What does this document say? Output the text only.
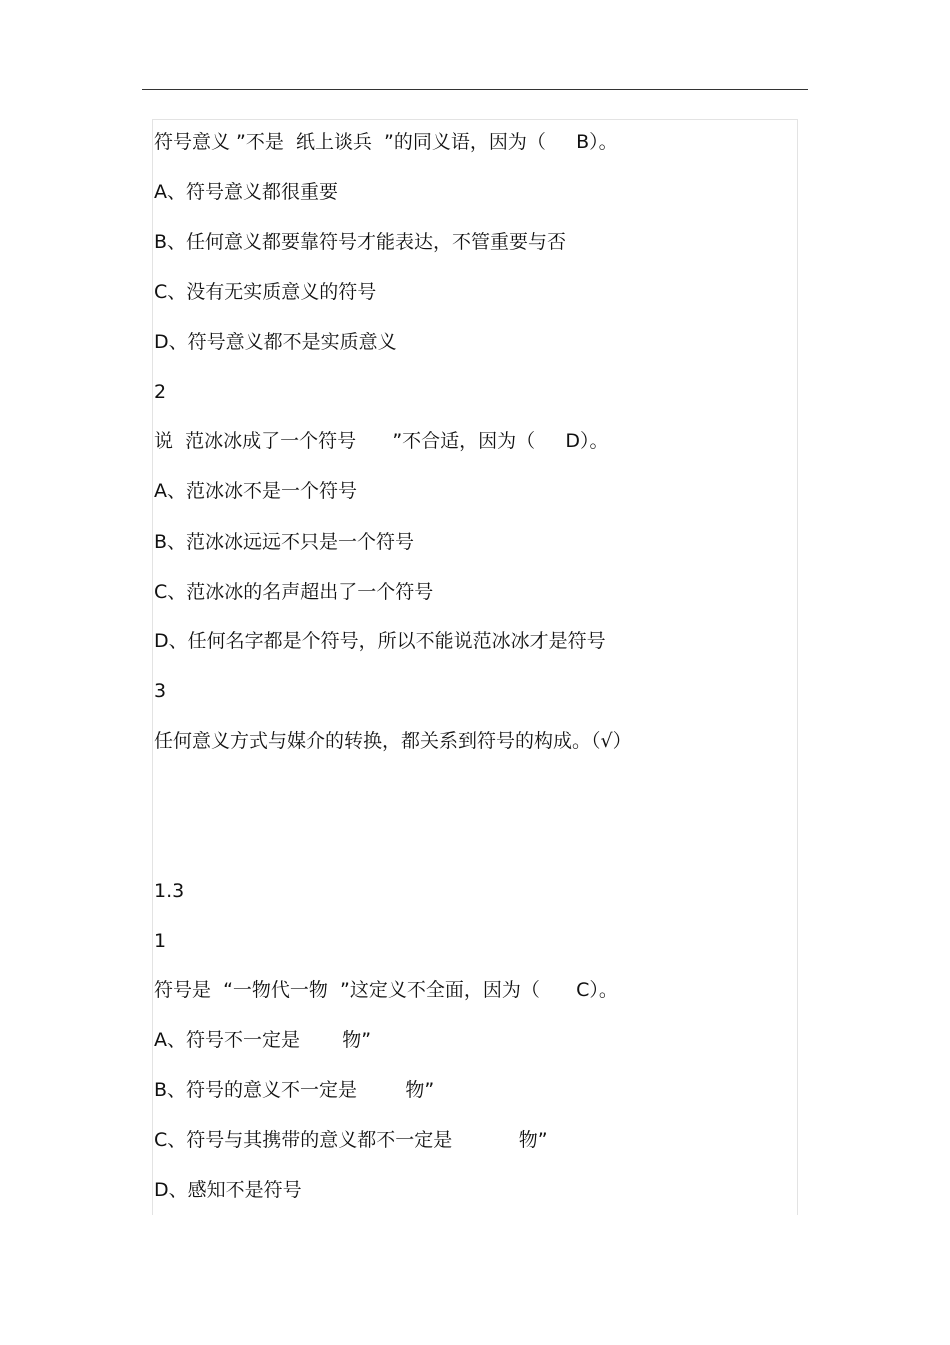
符号意义 ”不是  纸上谈兵  ”的同义语，因为（     B）。
A、符号意义都很重要
B、任何意义都要靠符号才能表达，不管重要与否
C、没有无实质意义的符号
D、符号意义都不是实质意义
2
说  范冰冰成了一个符号      ”不合适，因为（     D）。
A、范冰冰不是一个符号
B、范冰冰远远不只是一个符号
C、范冰冰的名声超出了一个符号
D、任何名字都是个符号，所以不能说范冰冰才是符号
3
任何意义方式与媒介的转换，都关系到符号的构成。（√）
1.3
1
符号是  “一物代一物  ”这定义不全面，因为（      C）。
A、符号不一定是       物”
B、符号的意义不一定是        物”
C、符号与其携带的意义都不一定是           物”
D、感知不是符号
